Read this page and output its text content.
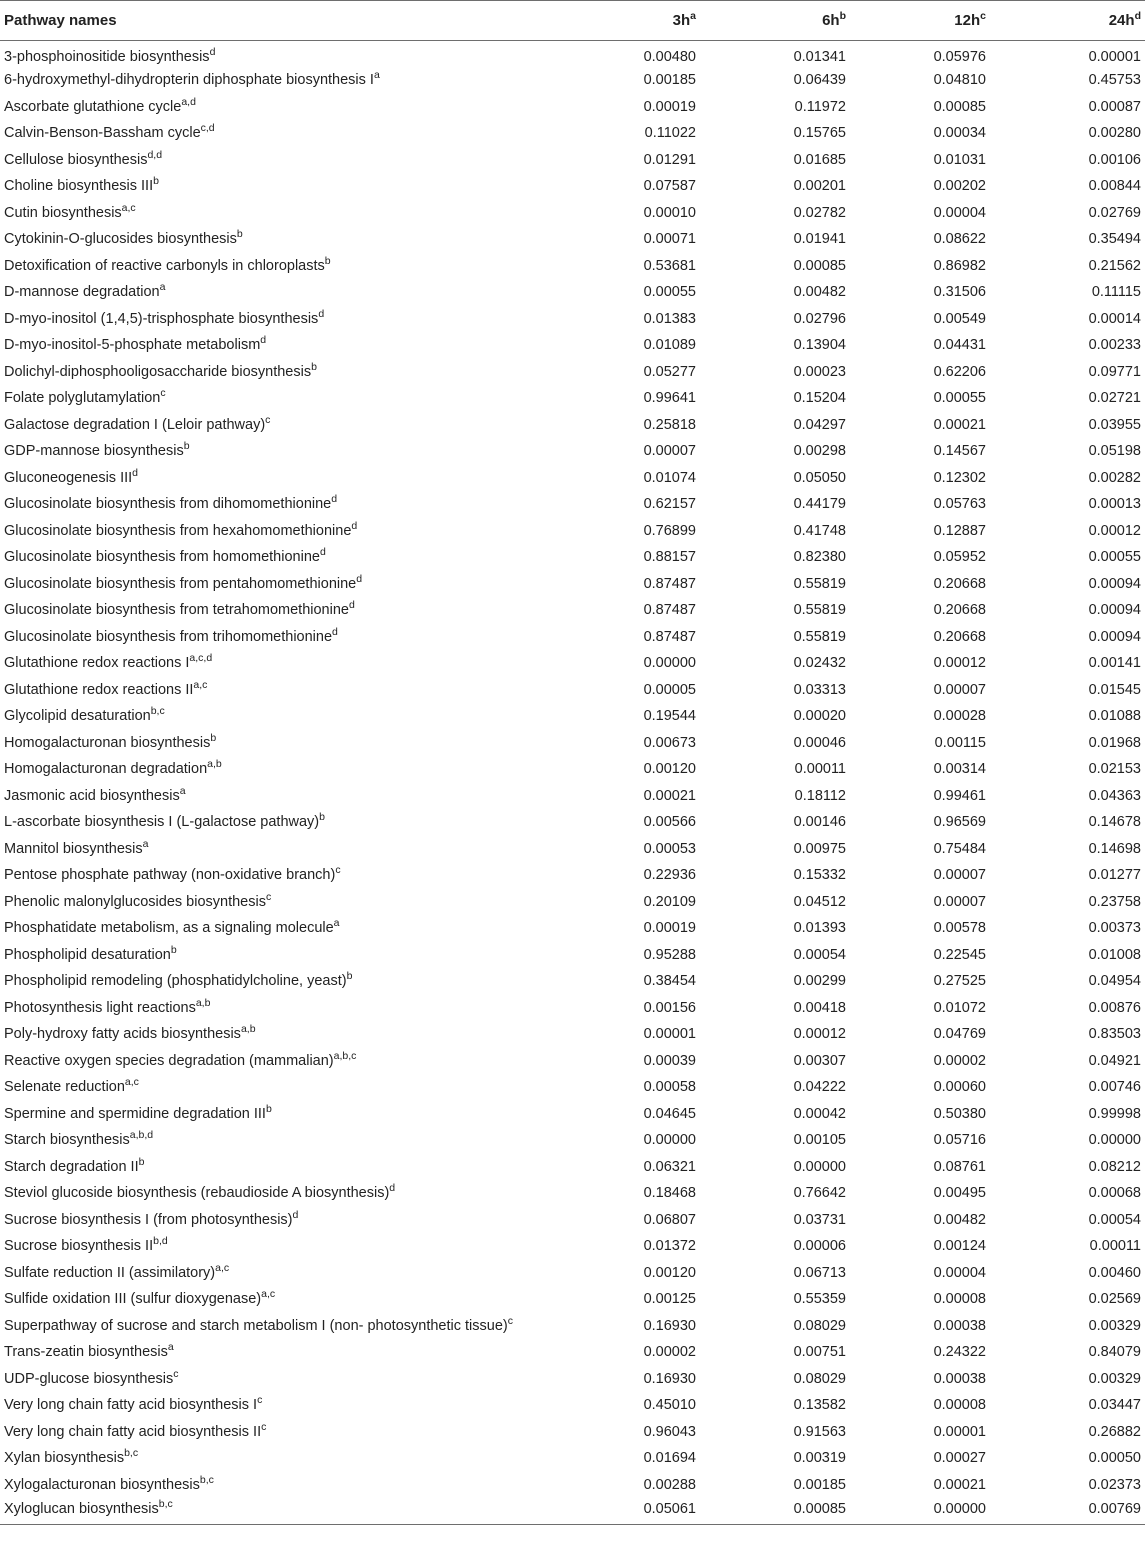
Pathway names	$3h^a$	$6h^b$	$12h^c$	$24h^d$
3-phosphoinositide biosynthesis$^d$	0.00480	0.01341	0.05976	0.00001
6-hydroxymethyl-dihydropterin diphosphate biosynthesis $I^a$	0.00185	0.06439	0.04810	0.45753
Ascorbate glutathione cycle$^{a,d}$	0.00019	0.11972	0.00085	0.00087
Calvin-Benson-Bassham cycle$^{c,d}$	0.11022	0.15765	0.00034	0.00280
Cellulose biosynthesis$^{d,d}$	0.01291	0.01685	0.01031	0.00106
Choline biosynthesis III$^b$	0.07587	0.00201	0.00202	0.00844
Cutin biosynthesis$^{a,c}$	0.00010	0.02782	0.00004	0.02769
Cytokinin-O-glucosides biosynthesis$^b$	0.00071	0.01941	0.08622	0.35494
Detoxification of reactive carbonyls in chloroplasts$^b$	0.53681	0.00085	0.86982	0.21562
D-mannose degradation$^a$	0.00055	0.00482	0.31506	0.11115
D-myo-inositol (1,4,5)-trisphosphate biosynthesis$^d$	0.01383	0.02796	0.00549	0.00014
D-myo-inositol-5-phosphate metabolism$^d$	0.01089	0.13904	0.04431	0.00233
Dolichyl-diphosphooligosaccharide biosynthesis$^b$	0.05277	0.00023	0.62206	0.09771
Folate polyglutamylation$^c$	0.99641	0.15204	0.00055	0.02721
Galactose degradation I (Leloir pathway)$^c$	0.25818	0.04297	0.00021	0.03955
GDP-mannose biosynthesis$^b$	0.00007	0.00298	0.14567	0.05198
Gluconeogenesis III$^d$	0.01074	0.05050	0.12302	0.00282
Glucosinolate biosynthesis from dihomomethionine$^d$	0.62157	0.44179	0.05763	0.00013
Glucosinolate biosynthesis from hexahomomethionine$^d$	0.76899	0.41748	0.12887	0.00012
Glucosinolate biosynthesis from homomethionine$^d$	0.88157	0.82380	0.05952	0.00055
Glucosinolate biosynthesis from pentahomomethionine$^d$	0.87487	0.55819	0.20668	0.00094
Glucosinolate biosynthesis from tetrahomomethionine$^d$	0.87487	0.55819	0.20668	0.00094
Glucosinolate biosynthesis from trihomomethionine$^d$	0.87487	0.55819	0.20668	0.00094
Glutathione redox reactions I$^{a,c,d}$	0.00000	0.02432	0.00012	0.00141
Glutathione redox reactions II$^{a,c}$	0.00005	0.03313	0.00007	0.01545
Glycolipid desaturation$^{b,c}$	0.19544	0.00020	0.00028	0.01088
Homogalacturonan biosynthesis$^b$	0.00673	0.00046	0.00115	0.01968
Homogalacturonan degradation$^{a,b}$	0.00120	0.00011	0.00314	0.02153
Jasmonic acid biosynthesis$^a$	0.00021	0.18112	0.99461	0.04363
L-ascorbate biosynthesis I (L-galactose pathway)$^b$	0.00566	0.00146	0.96569	0.14678
Mannitol biosynthesis$^a$	0.00053	0.00975	0.75484	0.14698
Pentose phosphate pathway (non-oxidative branch)$^c$	0.22936	0.15332	0.00007	0.01277
Phenolic malonylglucosides biosynthesis$^c$	0.20109	0.04512	0.00007	0.23758
Phosphatidate metabolism, as a signaling molecule$^a$	0.00019	0.01393	0.00578	0.00373
Phospholipid desaturation$^b$	0.95288	0.00054	0.22545	0.01008
Phospholipid remodeling (phosphatidylcholine, yeast)$^b$	0.38454	0.00299	0.27525	0.04954
Photosynthesis light reactions$^{a,b}$	0.00156	0.00418	0.01072	0.00876
Poly-hydroxy fatty acids biosynthesis$^{a,b}$	0.00001	0.00012	0.04769	0.83503
Reactive oxygen species degradation (mammalian)$^{a,b,c}$	0.00039	0.00307	0.00002	0.04921
Selenate reduction$^{a,c}$	0.00058	0.04222	0.00060	0.00746
Spermine and spermidine degradation III$^b$	0.04645	0.00042	0.50380	0.99998
Starch biosynthesis$^{a,b,d}$	0.00000	0.00105	0.05716	0.00000
Starch degradation $II^b$	0.06321	0.00000	0.08761	0.08212
Steviol glucoside biosynthesis (rebaudioside A biosynthesis)$^d$	0.18468	0.76642	0.00495	0.00068
Sucrose biosynthesis I (from photosynthesis)$^d$	0.06807	0.03731	0.00482	0.00054
Sucrose biosynthesis II$^{b,d}$	0.01372	0.00006	0.00124	0.00011
Sulfate reduction II (assimilatory)$^{a,c}$	0.00120	0.06713	0.00004	0.00460
Sulfide oxidation III (sulfur dioxygenase)$^{a,c}$	0.00125	0.55359	0.00008	0.02569
Superpathway of sucrose and starch metabolism I (non- photosynthetic tissue)$^c$	0.16930	0.08029	0.00038	0.00329
Trans-zeatin biosynthesis$^a$	0.00002	0.00751	0.24322	0.84079
UDP-glucose biosynthesis$^c$	0.16930	0.08029	0.00038	0.00329
Very long chain fatty acid biosynthesis $I^c$	0.45010	0.13582	0.00008	0.03447
Very long chain fatty acid biosynthesis $II^c$	0.96043	0.91563	0.00001	0.26882
Xylan biosynthesis$^{b,c}$	0.01694	0.00319	0.00027	0.00050
Xylogalacturonan biosynthesis$^{b,c}$	0.00288	0.00185	0.00021	0.02373
Xyloglucan biosynthesis$^{b,c}$	0.05061	0.00085	0.00000	0.00769
